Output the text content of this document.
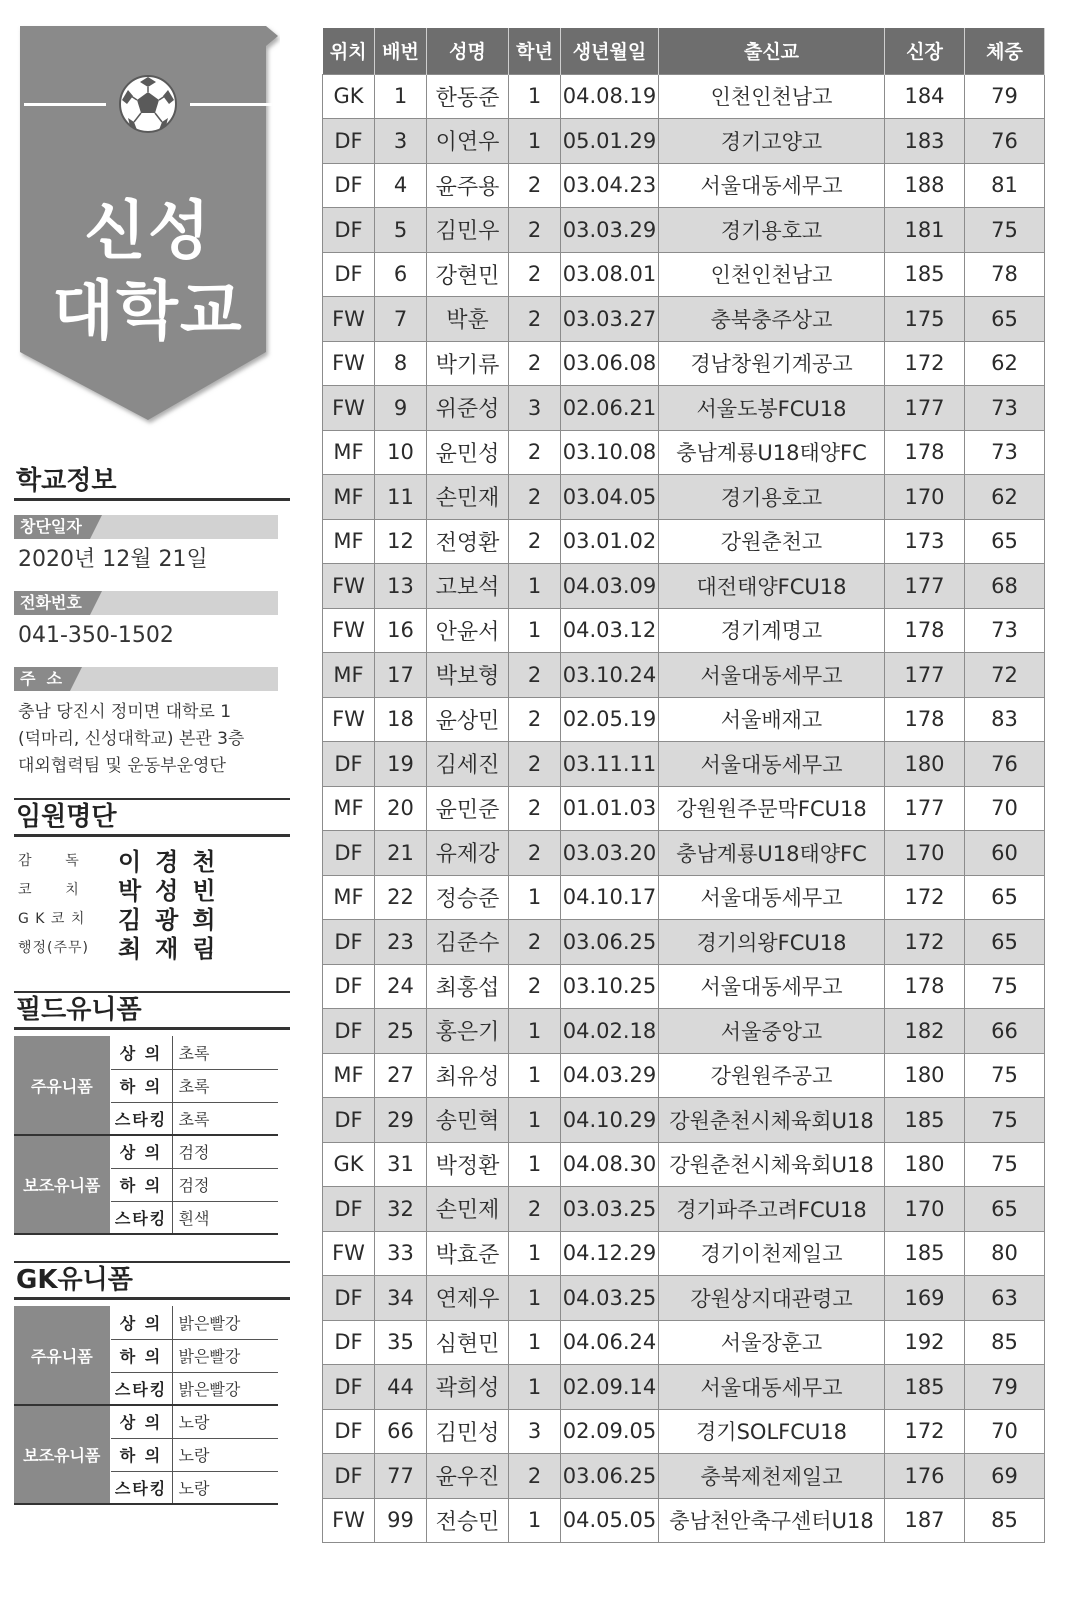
신성
대학교
학교정보
창단일자
2020년 12월 21일
전화번호
041-350-1502
주  소
충남 당진시 정미면 대학로 1
(덕마리, 신성대학교) 본관 3층
대외협력팀 및 운동부운영단
임원명단
감      독	이경천
코      치	박성빈
G K 코 치	김광희
행정(주무)	최재림
필드유니폼
주유니폼	상 의	초록
	하 의	초록
	스타킹	초록
보조유니폼	상 의	검정
	하 의	검정
	스타킹	흰색
GK유니폼
주유니폼	상 의	밝은빨강
	하 의	밝은빨강
	스타킹	밝은빨강
보조유니폼	상 의	노랑
	하 의	노랑
	스타킹	노랑
위치	배번	성명	학년	생년월일	출신교	신장	체중
GK	1	한동준	1	04.08.19	인천인천남고	184	79
DF	3	이연우	1	05.01.29	경기고양고	183	76
DF	4	윤주용	2	03.04.23	서울대동세무고	188	81
DF	5	김민우	2	03.03.29	경기용호고	181	75
DF	6	강현민	2	03.08.01	인천인천남고	185	78
FW	7	박훈	2	03.03.27	충북충주상고	175	65
FW	8	박기류	2	03.06.08	경남창원기계공고	172	62
FW	9	위준성	3	02.06.21	서울도봉FCU18	177	73
MF	10	윤민성	2	03.10.08	충남계룡U18태양FC	178	73
MF	11	손민재	2	03.04.05	경기용호고	170	62
MF	12	전영환	2	03.01.02	강원춘천고	173	65
FW	13	고보석	1	04.03.09	대전태양FCU18	177	68
FW	16	안윤서	1	04.03.12	경기계명고	178	73
MF	17	박보형	2	03.10.24	서울대동세무고	177	72
FW	18	윤상민	2	02.05.19	서울배재고	178	83
DF	19	김세진	2	03.11.11	서울대동세무고	180	76
MF	20	윤민준	2	01.01.03	강원원주문막FCU18	177	70
DF	21	유제강	2	03.03.20	충남계룡U18태양FC	170	60
MF	22	정승준	1	04.10.17	서울대동세무고	172	65
DF	23	김준수	2	03.06.25	경기의왕FCU18	172	65
DF	24	최홍섭	2	03.10.25	서울대동세무고	178	75
DF	25	홍은기	1	04.02.18	서울중앙고	182	66
MF	27	최유성	1	04.03.29	강원원주공고	180	75
DF	29	송민혁	1	04.10.29	강원춘천시체육회U18	185	75
GK	31	박정환	1	04.08.30	강원춘천시체육회U18	180	75
DF	32	손민제	2	03.03.25	경기파주고려FCU18	170	65
FW	33	박효준	1	04.12.29	경기이천제일고	185	80
DF	34	연제우	1	04.03.25	강원상지대관령고	169	63
DF	35	심현민	1	04.06.24	서울장훈고	192	85
DF	44	곽희성	1	02.09.14	서울대동세무고	185	79
DF	66	김민성	3	02.09.05	경기SOLFCU18	172	70
DF	77	윤우진	2	03.06.25	충북제천제일고	176	69
FW	99	전승민	1	04.05.05	충남천안축구센터U18	187	85
